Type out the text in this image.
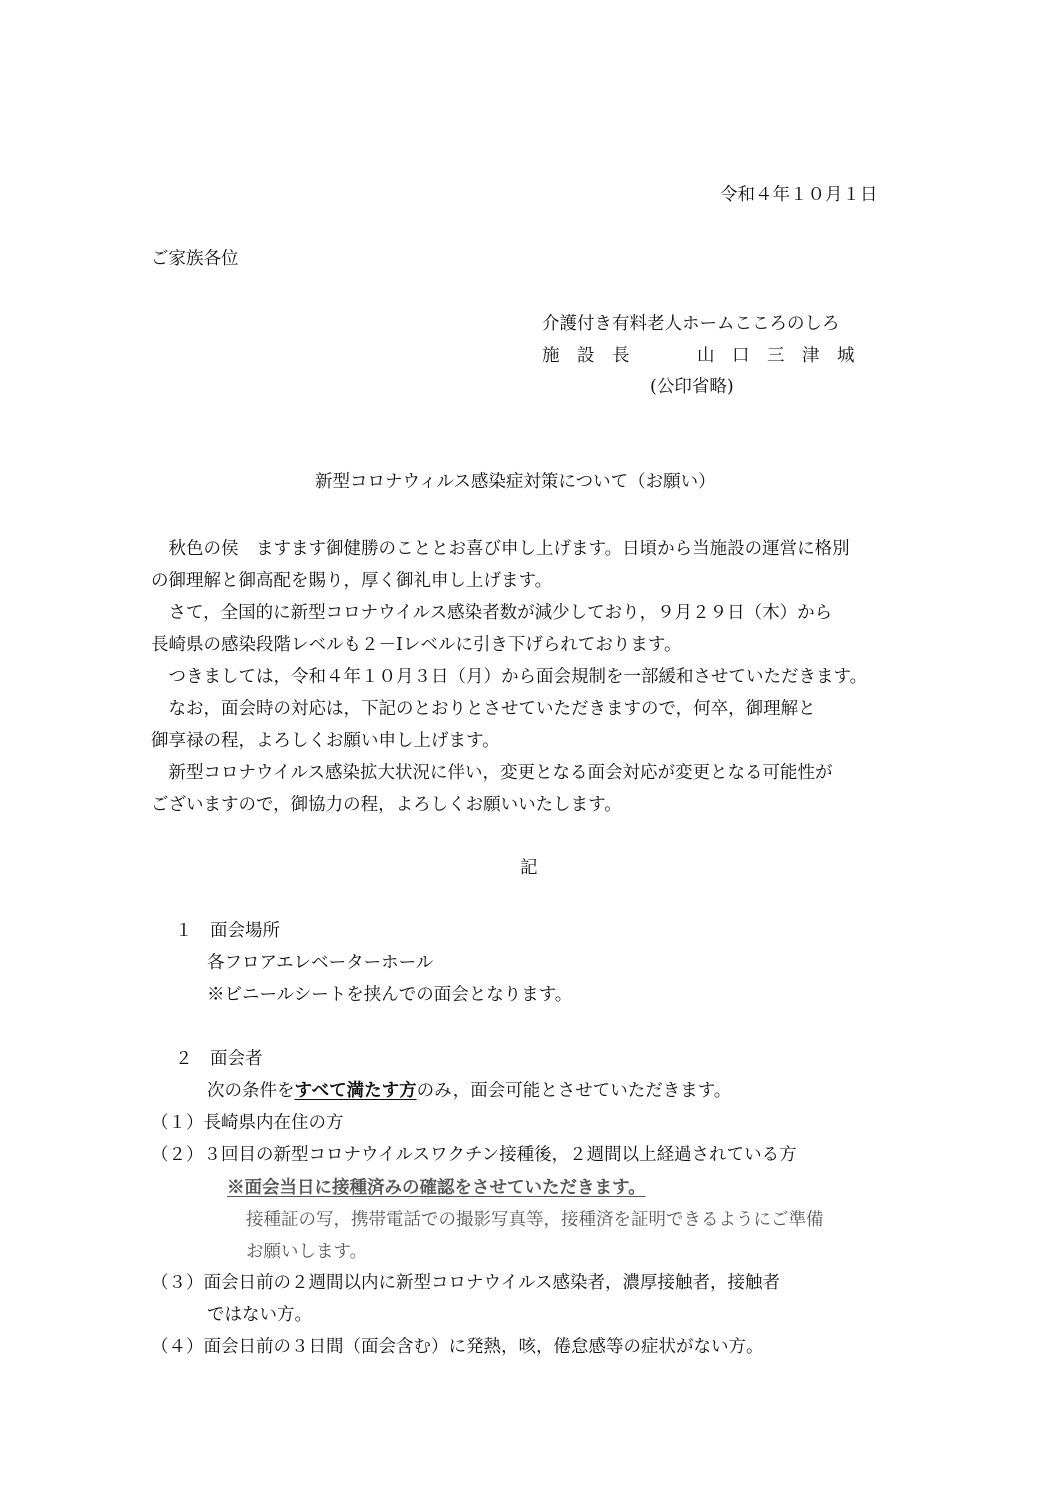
令和４年１０月１日
ご家族各位
介護付き有料老人ホームこころのしろ
施　設　長	山　口　三　津　城
(公印省略)
新型コロナウィルス感染症対策について（お願い）
　秋色の侯　ますます御健勝のこととお喜び申し上げます。日頃から当施設の運営に格別
の御理解と御高配を賜り，厚く御礼申し上げます。
　さて，全国的に新型コロナウイルス感染者数が減少しており，９月２９日（木）から
長崎県の感染段階レベルも２－Ⅰレベルに引き下げられております。
　つきましては，令和４年１０月３日（月）から面会規制を一部緩和させていただきます。
　なお，面会時の対応は，下記のとおりとさせていただきますので，何卒，御理解と
御享禄の程，よろしくお願い申し上げます。
　新型コロナウイルス感染拡大状況に伴い，変更となる面会対応が変更となる可能性が
ございますので，御協力の程，よろしくお願いいたします。
記
１　面会場所
各フロアエレベーターホール
※ビニールシートを挟んでの面会となります。
２　面会者
次の条件をすべて満たす方のみ，面会可能とさせていただきます。
（１）長崎県内在住の方
（２）３回目の新型コロナウイルスワクチン接種後，２週間以上経過されている方
※面会当日に接種済みの確認をさせていただきます。
接種証の写，携帯電話での撮影写真等，接種済を証明できるようにご準備
お願いします。
（３）面会日前の２週間以内に新型コロナウイルス感染者，濃厚接触者，接触者
ではない方。
（４）面会日前の３日間（面会含む）に発熱，咳，倦怠感等の症状がない方。
